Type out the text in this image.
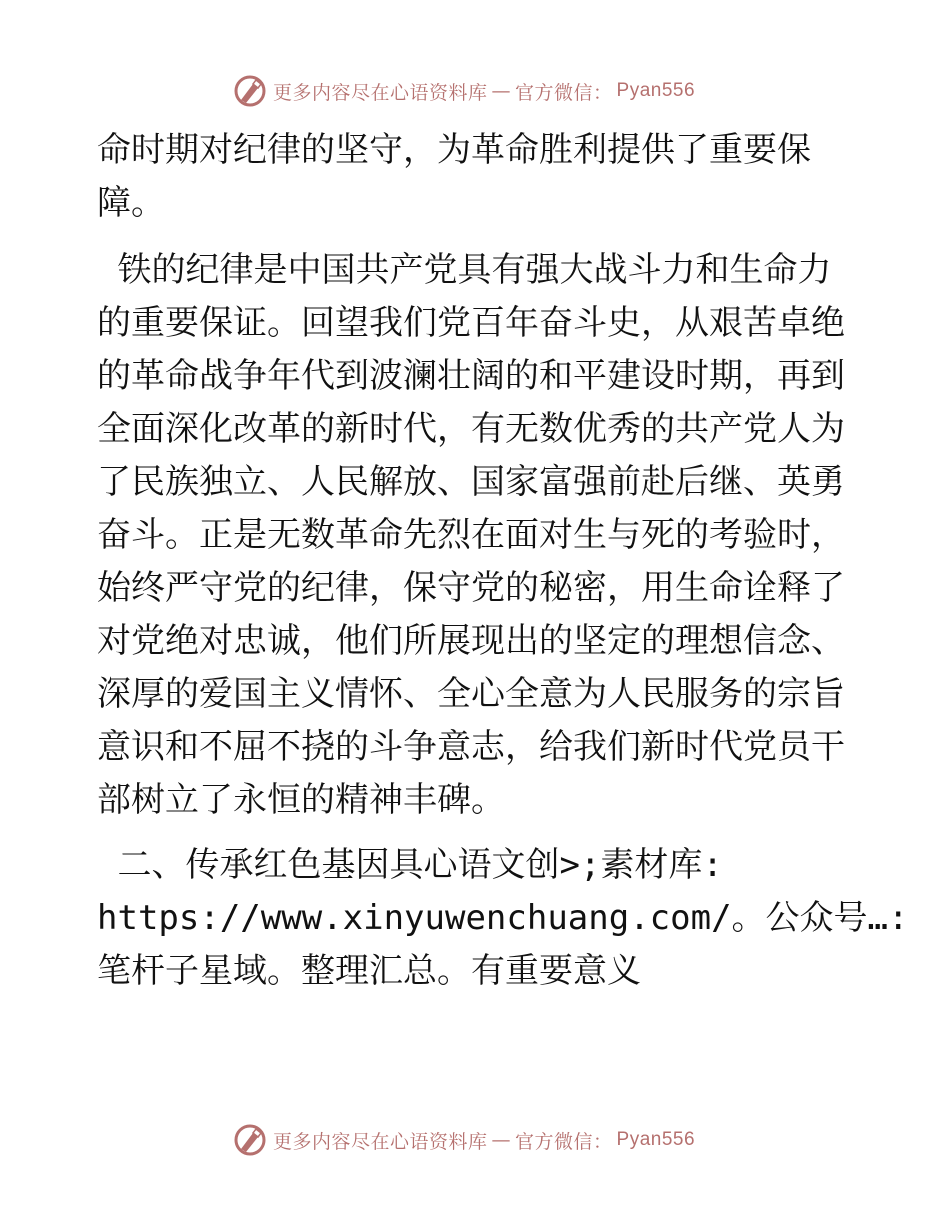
更多内容尽在心语资料库 — 官方微信： Pyan556
命时期对纪律的坚守，为革命胜利提供了重要保
障。
铁的纪律是中国共产党具有强大战斗力和生命力
的重要保证。回望我们党百年奋斗史，从艰苦卓绝
的革命战争年代到波澜壮阔的和平建设时期，再到
全面深化改革的新时代，有无数优秀的共产党人为
了民族独立、人民解放、国家富强前赴后继、英勇
奋斗。正是无数革命先烈在面对生与死的考验时，
始终严守党的纪律，保守党的秘密，用生命诠释了
对党绝对忠诚，他们所展现出的坚定的理想信念、
深厚的爱国主义情怀、全心全意为人民服务的宗旨
意识和不屈不挠的斗争意志，给我们新时代党员干
部树立了永恒的精神丰碑。
二、传承红色基因具心语文创>;素材库:
https://www.xinyuwenchuang.com/。公众号…:
笔杆子星域。整理汇总。有重要意义
更多内容尽在心语资料库 — 官方微信： Pyan556
